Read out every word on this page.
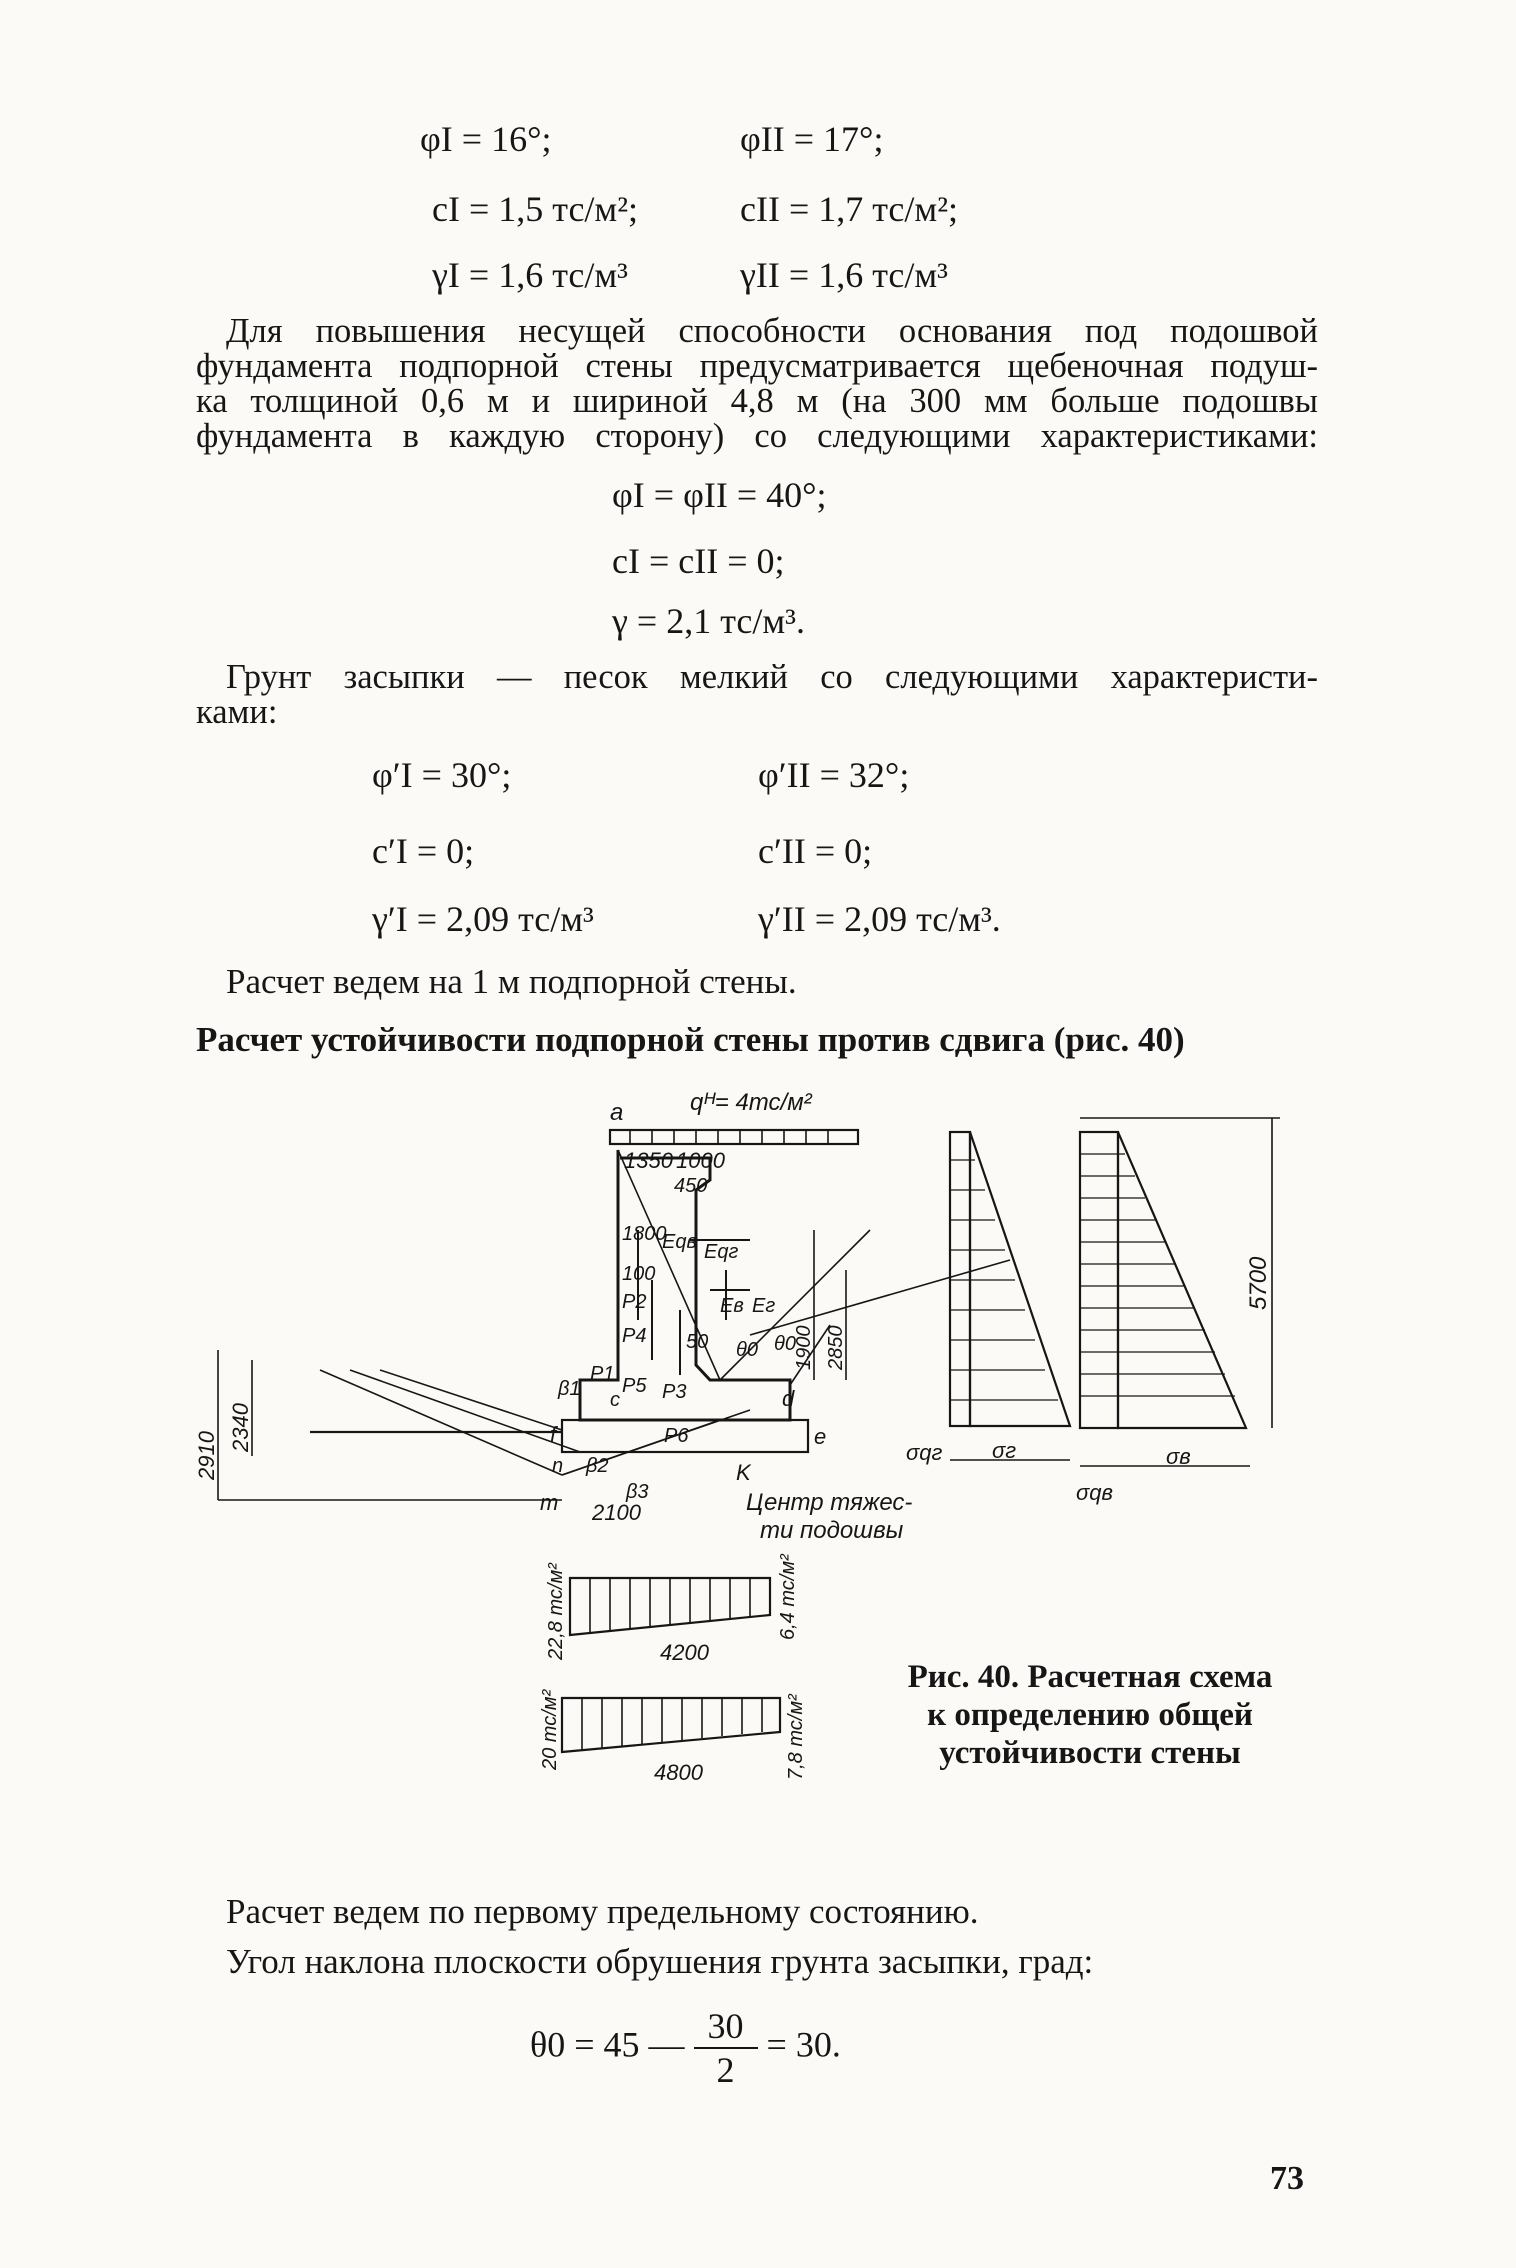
φI = 16°;	φII = 17°;
cI = 1,5 тс/м²;	cII = 1,7 тс/м²;
γI = 1,6 тс/м³	γII = 1,6 тс/м³
Для повышения несущей способности основания под подошвой
фундамента подпорной стены предусматривается щебеночная подуш-
ка толщиной 0,6 м и шириной 4,8 м (на 300 мм больше подошвы
фундамента в каждую сторону) со следующими характеристиками:
φI = φII = 40°;
cI = cII = 0;
γ = 2,1 тс/м³.
Грунт засыпки — песок мелкий со следующими характеристи-
ками:
φ′I = 30°;	φ′II = 32°;
c′I = 0;	c′II = 0;
γ′I = 2,09 тс/м³	γ′II = 2,09 тс/м³.
Расчет ведем на 1 м подпорной стены.
Расчет устойчивости подпорной стены против сдвига (рис. 40)
a	qᴴ= 4тс/м²
1350 1000
450
1800
100
Eqв Eqг
Eв Eг
P2
P4 50
P1
P5 P3
P6
θ0 θ0
1900 2850
2910
2340
β1 c	d
f	e
n β2	K
β3
m 2100	Центр тяжес-
ти подошвы
σqг σг
5700
σв
σqв
22,8 тс/м²	6,4 тс/м²
4200
20 тс/м²	7,8 тс/м²
4800
Рис. 40. Расчетная схема
к определению общей
устойчивости стены
Расчет ведем по первому предельному состоянию.
Угол наклона плоскости обрушения грунта засыпки, град:
θ0 = 45 — $\frac{30}{2} = 30$.
73
